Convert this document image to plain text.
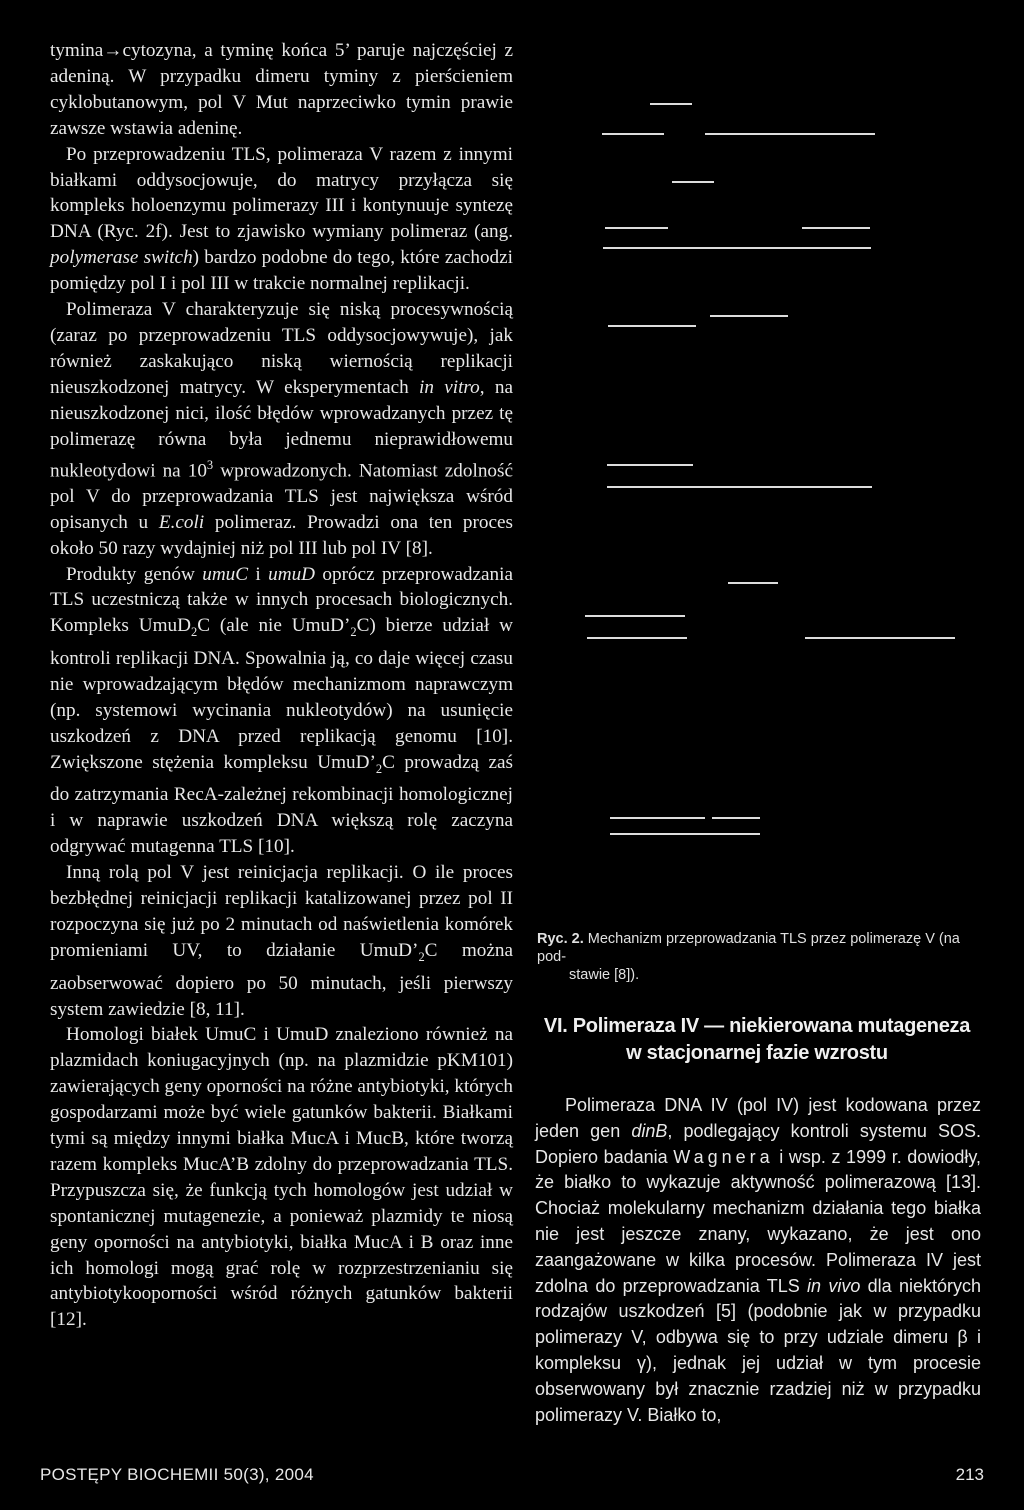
tymina→cytozyna, a tyminę końca 5’ paruje najczęściej z adeniną. W przypadku dimeru tyminy z pierścieniem cyklobutanowym, pol V Mut naprzeciwko tymin prawie zawsze wstawia adeninę.

Po przeprowadzeniu TLS, polimeraza V razem z innymi białkami oddysocjowuje, do matrycy przyłącza się kompleks holoenzymu polimerazy III i kontynuuje syntezę DNA (Ryc. 2f). Jest to zjawisko wymiany polimeraz (ang. polymerase switch) bardzo podobne do tego, które zachodzi pomiędzy pol I i pol III w trakcie normalnej replikacji.

Polimeraza V charakteryzuje się niską procesywnością (zaraz po przeprowadzeniu TLS oddysocjowywuje), jak również zaskakująco niską wiernością replikacji nieuszkodzonej matrycy. W eksperymentach in vitro, na nieuszkodzonej nici, ilość błędów wprowadzanych przez tę polimerazę równa była jednemu nieprawidłowemu nukleotydowi na $10^3$ wprowadzonych. Natomiast zdolność pol V do przeprowadzania TLS jest największa wśród opisanych u E.coli polimeraz. Prowadzi ona ten proces około 50 razy wydajniej niż pol III lub pol IV [8].

Produkty genów umuC i umuD oprócz przeprowadzania TLS uczestniczą także w innych procesach biologicznych. Kompleks UmuD$_2$C (ale nie $UmuD’_2C$) bierze udział w kontroli replikacji DNA. Spowalnia ją, co daje więcej czasu nie wprowadzającym błędów mechanizmom naprawczym (np. systemowi wycinania nukleotydów) na usunięcie uszkodzeń z DNA przed replikacją genomu [10]. Zwiększone stężenia kompleksu $UmuD’_2C$ prowadzą zaś do zatrzymania RecA-zależnej rekombinacji homologicznej i w naprawie uszkodzeń DNA większą rolę zaczyna odgrywać mutagenna TLS [10].

Inną rolą pol V jest reinicjacja replikacji. O ile proces bezbłędnej reinicjacji replikacji katalizowanej przez pol II rozpoczyna się już po 2 minutach od naświetlenia komórek promieniami UV, to działanie $UmuD’_2C$ można zaobserwować dopiero po 50 minutach, jeśli pierwszy system zawiedzie [8, 11].

Homologi białek UmuC i UmuD znaleziono również na plazmidach koniugacyjnych (np. na plazmidzie pKM101) zawierających geny oporności na różne antybiotyki, których gospodarzami może być wiele gatunków bakterii. Białkami tymi są między innymi białka MucA i MucB, które tworzą razem kompleks MucA’B zdolny do przeprowadzania TLS. Przypuszcza się, że funkcją tych homologów jest udział w spontanicznej mutagenezie, a ponieważ plazmidy te niosą geny oporności na antybiotyki, białka MucA i B oraz inne ich homologi mogą grać rolę w rozprzestrzenianiu się antybiotykooporności wśród różnych gatunków bakterii [12].

Ryc. 2. Mechanizm przeprowadzania TLS przez polimerazę V (na pod-
stawie [8]).
VI. Polimeraza IV — niekierowana mutageneza w stacjonarnej fazie wzrostu

Polimeraza DNA IV (pol IV) jest kodowana przez jeden gen dinB, podlegający kontroli systemu SOS. Dopiero badania Wagnera i wsp. z 1999 r. dowiodły, że białko to wykazuje aktywność polimerazową [13]. Chociaż molekularny mechanizm działania tego białka nie jest jeszcze znany, wykazano, że jest ono zaangażowane w kilka procesów. Polimeraza IV jest zdolna do przeprowadzania TLS in vivo dla niektórych rodzajów uszkodzeń [5] (podobnie jak w przypadku polimerazy V, odbywa się to przy udziale dimeru β i kompleksu γ), jednak jej udział w tym procesie obserwowany był znacznie rzadziej niż w przypadku polimerazy V. Białko to,

POSTĘPY BIOCHEMII 50(3), 2004	213
